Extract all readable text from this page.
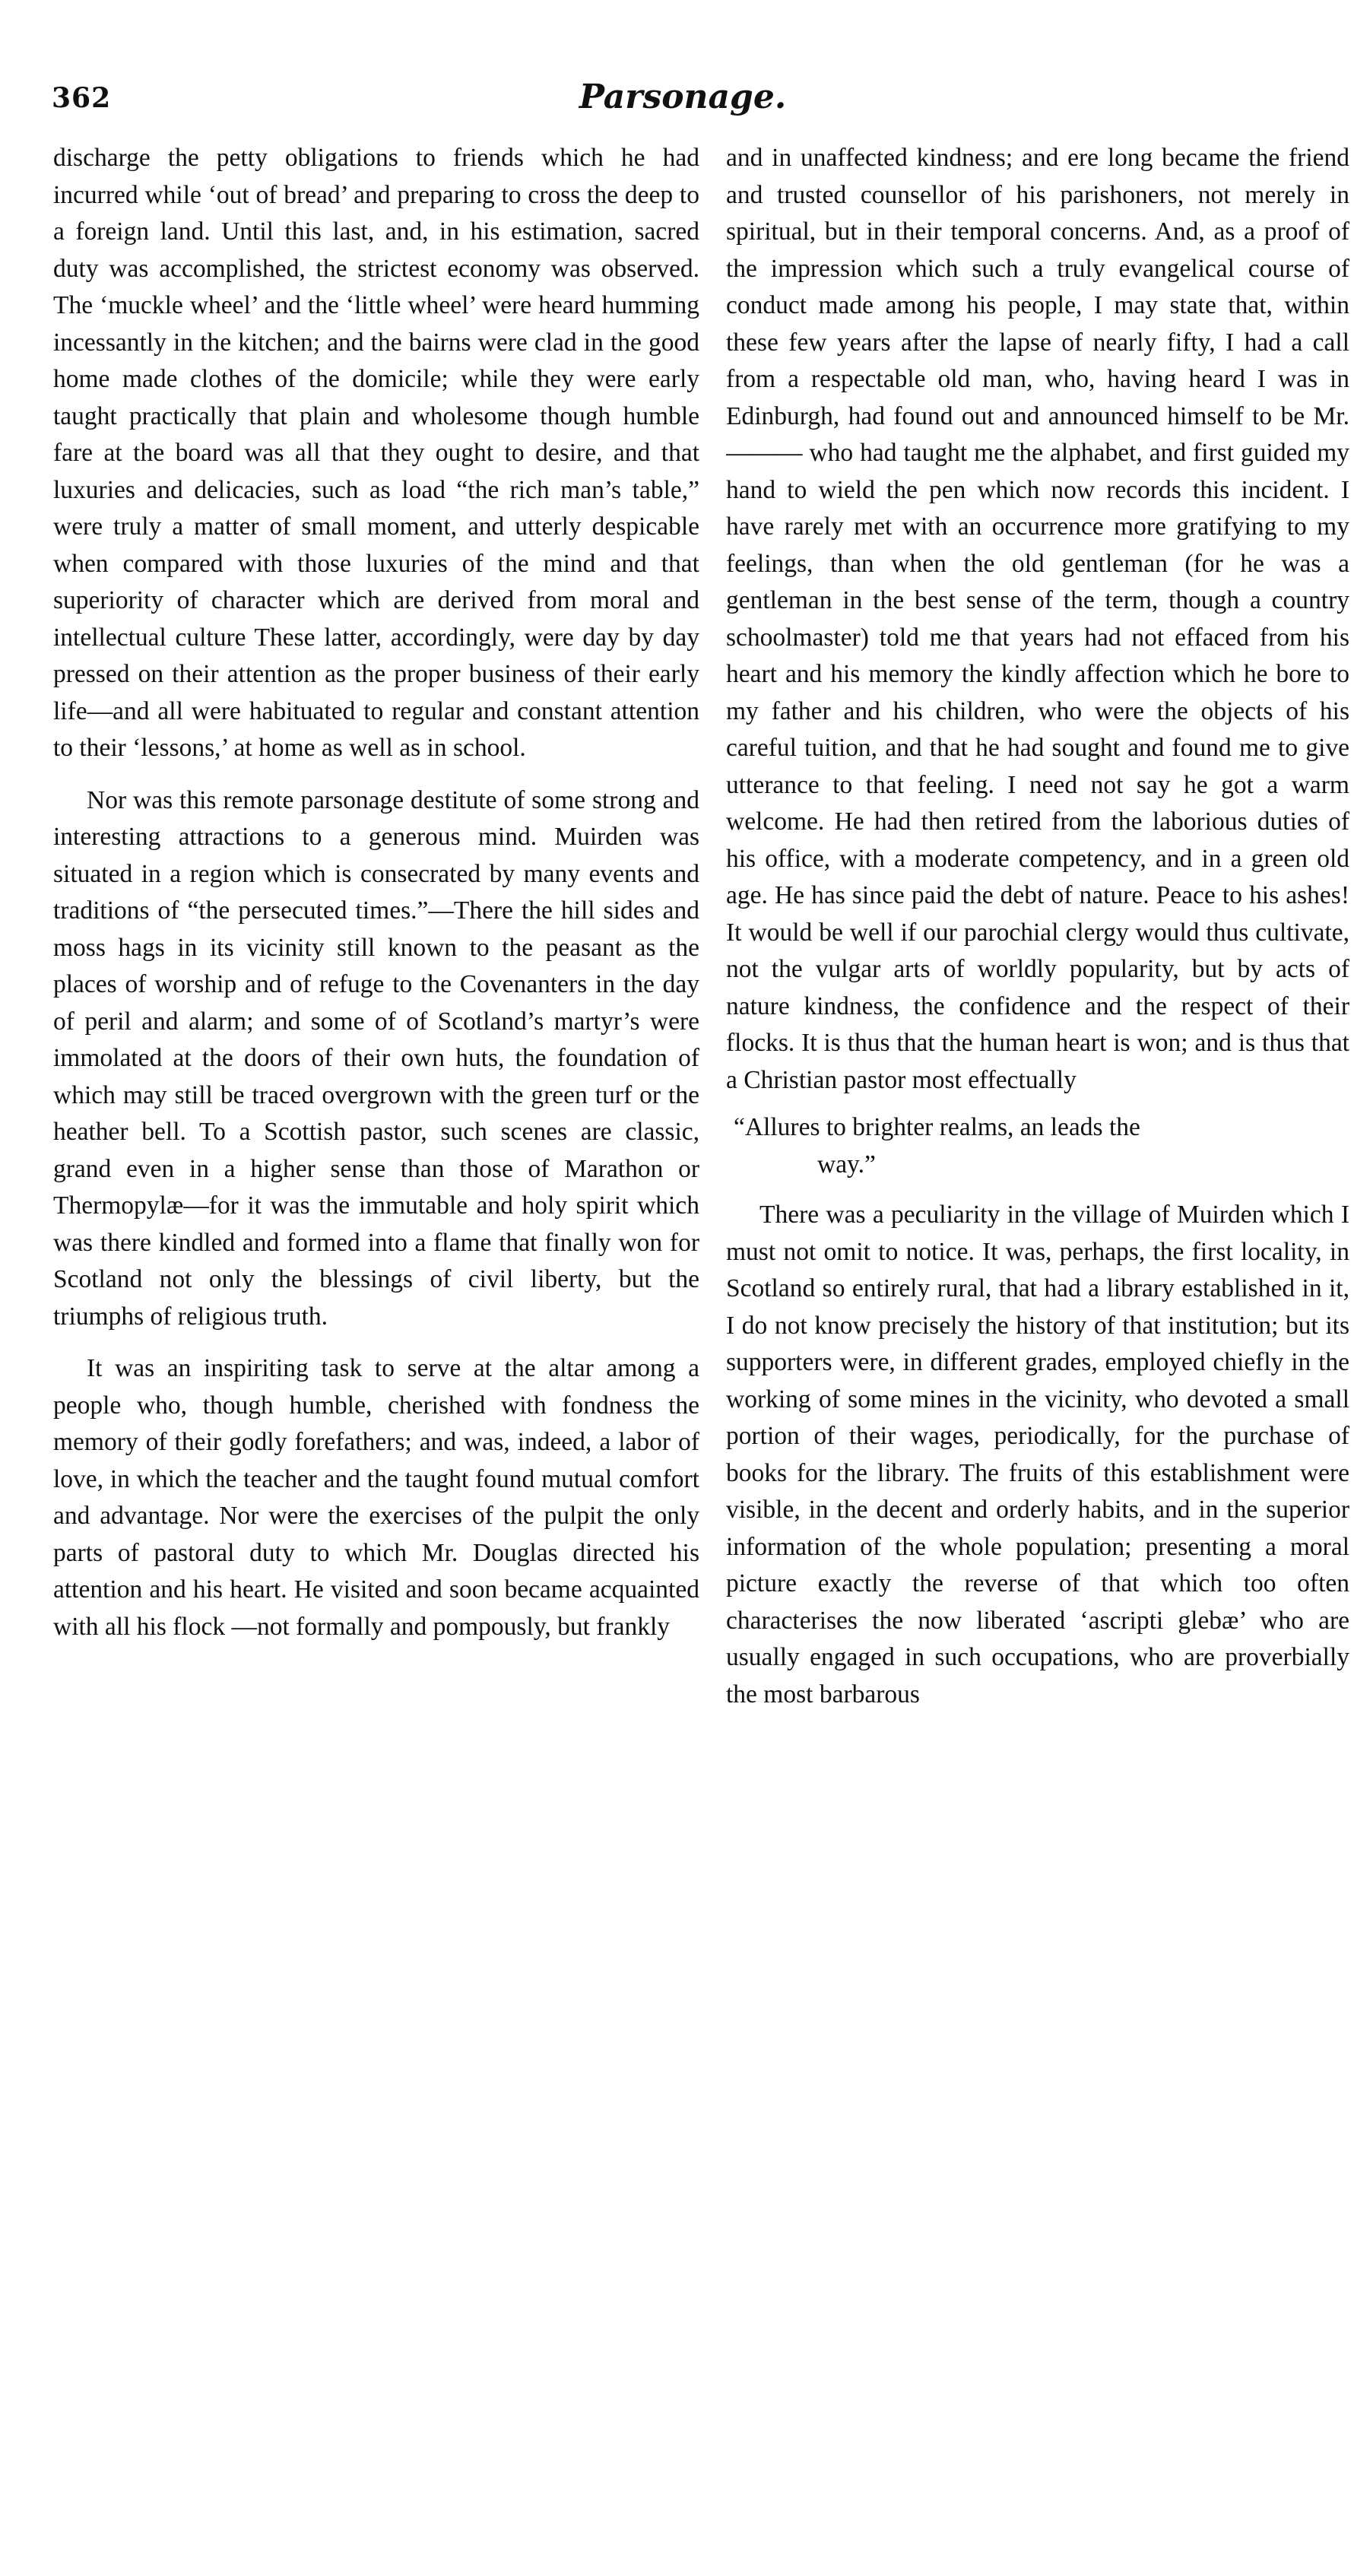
362	Parsonage.

discharge the petty obligations to friends which he had incurred while ‘out of bread’ and preparing to cross the deep to a foreign land. Until this last, and, in his estimation, sacred duty was accomplished, the strictest economy was observed. The ‘muckle wheel’ and the ‘little wheel’ were heard humming incessantly in the kitchen; and the bairns were clad in the good home made clothes of the domicile; while they were early taught practically that plain and wholesome though humble fare at the board was all that they ought to desire, and that luxuries and delicacies, such as load “the rich man’s table,” were truly a matter of small moment, and utterly despicable when compared with those luxuries of the mind and that superiority of character which are derived from moral and intellectual culture These latter, accordingly, were day by day pressed on their attention as the proper business of their early life—and all were habituated to regular and constant attention to their ‘lessons,’ at home as well as in school.

Nor was this remote parsonage destitute of some strong and interesting attractions to a generous mind. Muirden was situated in a region which is consecrated by many events and traditions of “the persecuted times.”—There the hill sides and moss hags in its vicinity still known to the peasant as the places of worship and of refuge to the Covenanters in the day of peril and alarm; and some of of Scotland’s martyr’s were immolated at the doors of their own huts, the foundation of which may still be traced overgrown with the green turf or the heather bell. To a Scottish pastor, such scenes are classic, grand even in a higher sense than those of Marathon or Thermopylæ—for it was the immutable and holy spirit which was there kindled and formed into a flame that finally won for Scotland not only the blessings of civil liberty, but the triumphs of religious truth.

It was an inspiriting task to serve at the altar among a people who, though humble, cherished with fondness the memory of their godly forefathers; and was, indeed, a labor of love, in which the teacher and the taught found mutual comfort and advantage. Nor were the exercises of the pulpit the only parts of pastoral duty to which Mr. Douglas directed his attention and his heart. He visited and soon became acquainted with all his flock —not formally and pompously, but frankly

and in unaffected kindness; and ere long became the friend and trusted counsellor of his parishoners, not merely in spiritual, but in their temporal concerns. And, as a proof of the impression which such a truly evangelical course of conduct made among his people, I may state that, within these few years after the lapse of nearly fifty, I had a call from a respectable old man, who, having heard I was in Edinburgh, had found out and announced himself to be Mr. ——— who had taught me the alphabet, and first guided my hand to wield the pen which now records this incident. I have rarely met with an occurrence more gratifying to my feelings, than when the old gentleman (for he was a gentleman in the best sense of the term, though a country schoolmaster) told me that years had not effaced from his heart and his memory the kindly affection which he bore to my father and his children, who were the objects of his careful tuition, and that he had sought and found me to give utterance to that feeling. I need not say he got a warm welcome. He had then retired from the laborious duties of his office, with a moderate competency, and in a green old age. He has since paid the debt of nature. Peace to his ashes! It would be well if our parochial clergy would thus cultivate, not the vulgar arts of worldly popularity, but by acts of nature kindness, the confidence and the respect of their flocks. It is thus that the human heart is won; and is thus that a Christian pastor most effectually

“Allures to brighter realms, an leads the
way.”

There was a peculiarity in the village of Muirden which I must not omit to notice. It was, perhaps, the first locality, in Scotland so entirely rural, that had a library established in it, I do not know precisely the history of that institution; but its supporters were, in different grades, employed chiefly in the working of some mines in the vicinity, who devoted a small portion of their wages, periodically, for the purchase of books for the library. The fruits of this establishment were visible, in the decent and orderly habits, and in the superior information of the whole population; presenting a moral picture exactly the reverse of that which too often characterises the now liberated ‘ascripti glebæ’ who are usually engaged in such occupations, who are proverbially the most barbarous
